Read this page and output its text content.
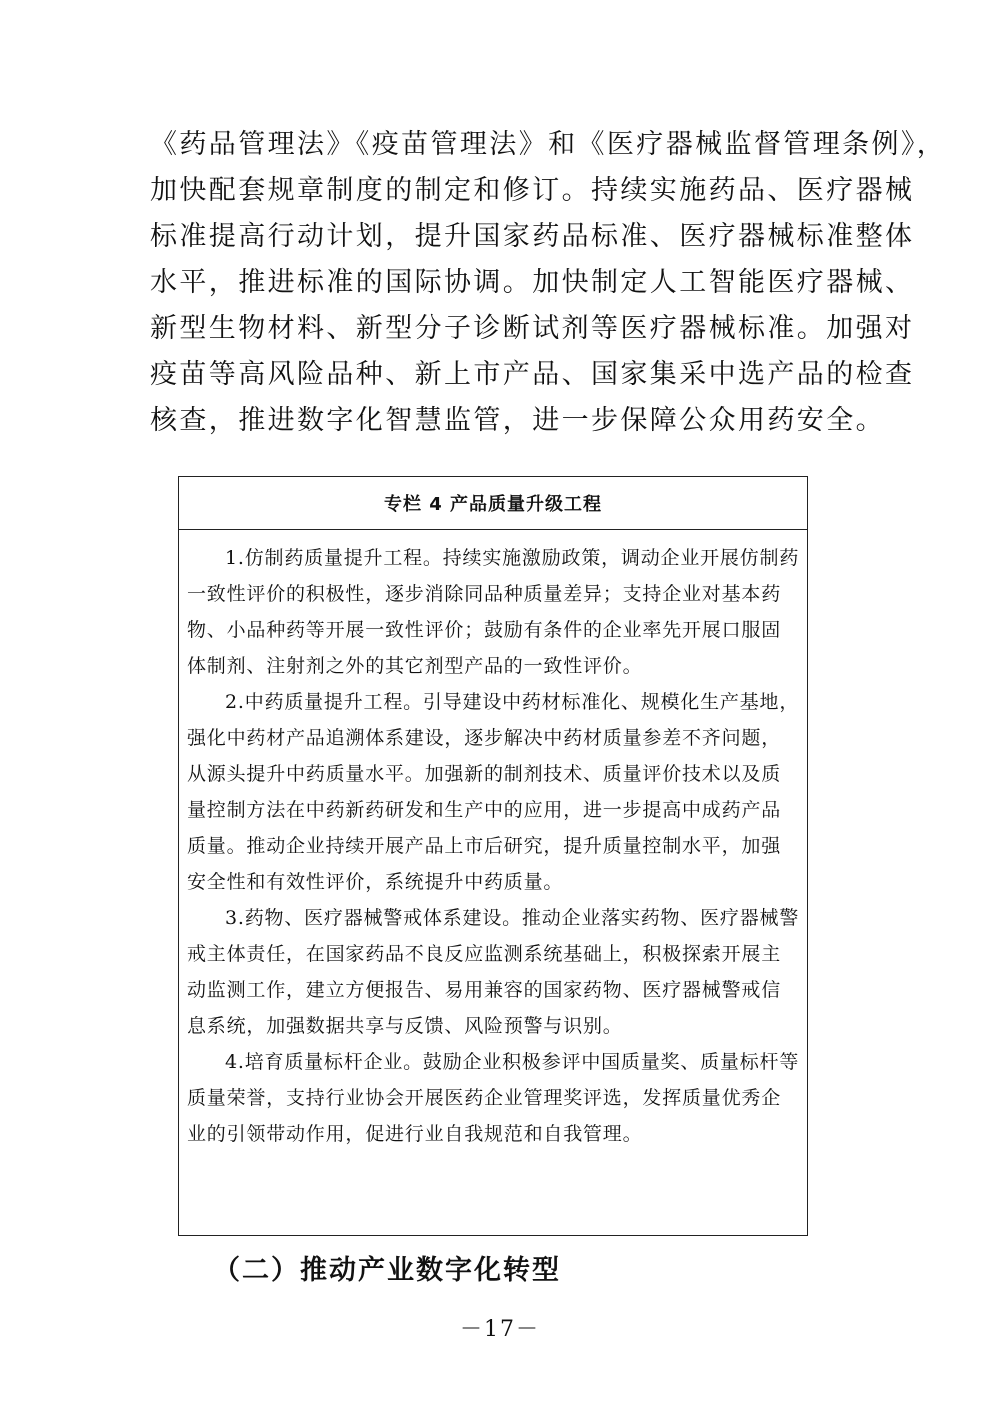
《药品管理法》《疫苗管理法》和《医疗器械监督管理条例》，
加快配套规章制度的制定和修订。持续实施药品、医疗器械
标准提高行动计划，提升国家药品标准、医疗器械标准整体
水平，推进标准的国际协调。加快制定人工智能医疗器械、
新型生物材料、新型分子诊断试剂等医疗器械标准。加强对
疫苗等高风险品种、新上市产品、国家集采中选产品的检查
核查，推进数字化智慧监管，进一步保障公众用药安全。
专栏 4 产品质量升级工程
1.仿制药质量提升工程。持续实施激励政策，调动企业开展仿制药
一致性评价的积极性，逐步消除同品种质量差异；支持企业对基本药
物、小品种药等开展一致性评价；鼓励有条件的企业率先开展口服固
体制剂、注射剂之外的其它剂型产品的一致性评价。
2.中药质量提升工程。引导建设中药材标准化、规模化生产基地，
强化中药材产品追溯体系建设，逐步解决中药材质量参差不齐问题，
从源头提升中药质量水平。加强新的制剂技术、质量评价技术以及质
量控制方法在中药新药研发和生产中的应用，进一步提高中成药产品
质量。推动企业持续开展产品上市后研究，提升质量控制水平，加强
安全性和有效性评价，系统提升中药质量。
3.药物、医疗器械警戒体系建设。推动企业落实药物、医疗器械警
戒主体责任，在国家药品不良反应监测系统基础上，积极探索开展主
动监测工作，建立方便报告、易用兼容的国家药物、医疗器械警戒信
息系统，加强数据共享与反馈、风险预警与识别。
4.培育质量标杆企业。鼓励企业积极参评中国质量奖、质量标杆等
质量荣誉，支持行业协会开展医药企业管理奖评选，发挥质量优秀企
业的引领带动作用，促进行业自我规范和自我管理。
（二）推动产业数字化转型
－17－
